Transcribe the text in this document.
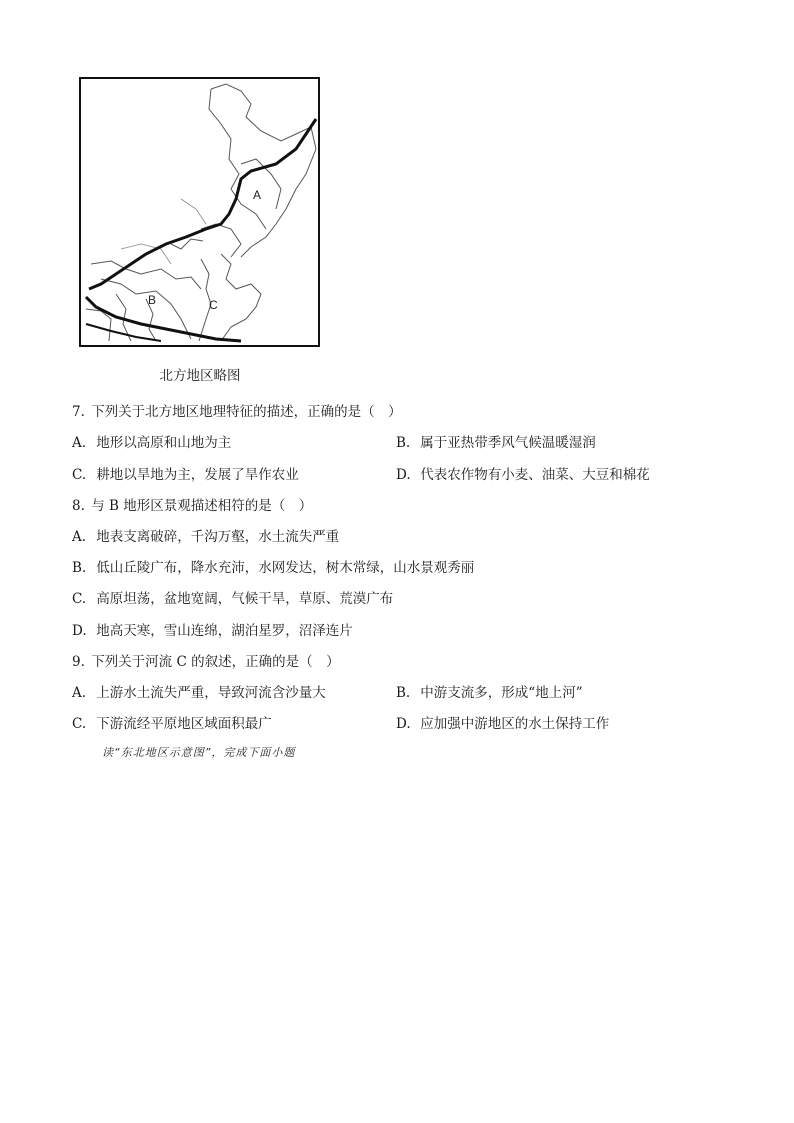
A
B	C
北方地区略图
7. 下列关于北方地区地理特征的描述，正确的是（　）
A. 地形以高原和山地为主	B. 属于亚热带季风气候温暖湿润
C. 耕地以旱地为主，发展了旱作农业	D. 代表农作物有小麦、油菜、大豆和棉花
8. 与 B 地形区景观描述相符的是（　）
A. 地表支离破碎，千沟万壑，水土流失严重
B. 低山丘陵广布，降水充沛，水网发达，树木常绿，山水景观秀丽
C. 高原坦荡，盆地宽阔，气候干旱，草原、荒漠广布
D. 地高天寒，雪山连绵，湖泊星罗，沼泽连片
9. 下列关于河流 C 的叙述，正确的是（　）
A. 上游水土流失严重，导致河流含沙量大	B. 中游支流多，形成“地上河”
C. 下游流经平原地区域面积最广	D. 应加强中游地区的水土保持工作
读“东北地区示意图”，完成下面小题
